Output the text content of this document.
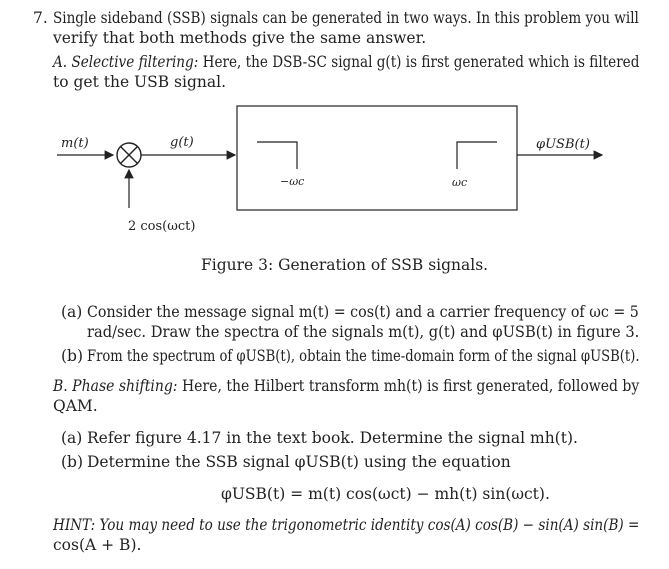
7. Single sideband (SSB) signals can be generated in two ways. In this problem you will
verify that both methods give the same answer.
A. Selective filtering: Here, the DSB-SC signal g(t) is first generated which is filtered
to get the USB signal.
m(t)	g(t)
2 cos(ωct)
−ωc	ωc
φUSB(t)
Figure 3: Generation of SSB signals.
(a) Consider the message signal m(t) = cos(t) and a carrier frequency of ωc = 5
rad/sec. Draw the spectra of the signals m(t), g(t) and φUSB(t) in figure 3.
(b) From the spectrum of φUSB(t), obtain the time-domain form of the signal φUSB(t).
B. Phase shifting: Here, the Hilbert transform mh(t) is first generated, followed by
QAM.
(a) Refer figure 4.17 in the text book. Determine the signal mh(t).
(b) Determine the SSB signal φUSB(t) using the equation
φUSB(t) = m(t) cos(ωct) − mh(t) sin(ωct).
HINT: You may need to use the trigonometric identity cos(A) cos(B) − sin(A) sin(B) =
cos(A + B).
